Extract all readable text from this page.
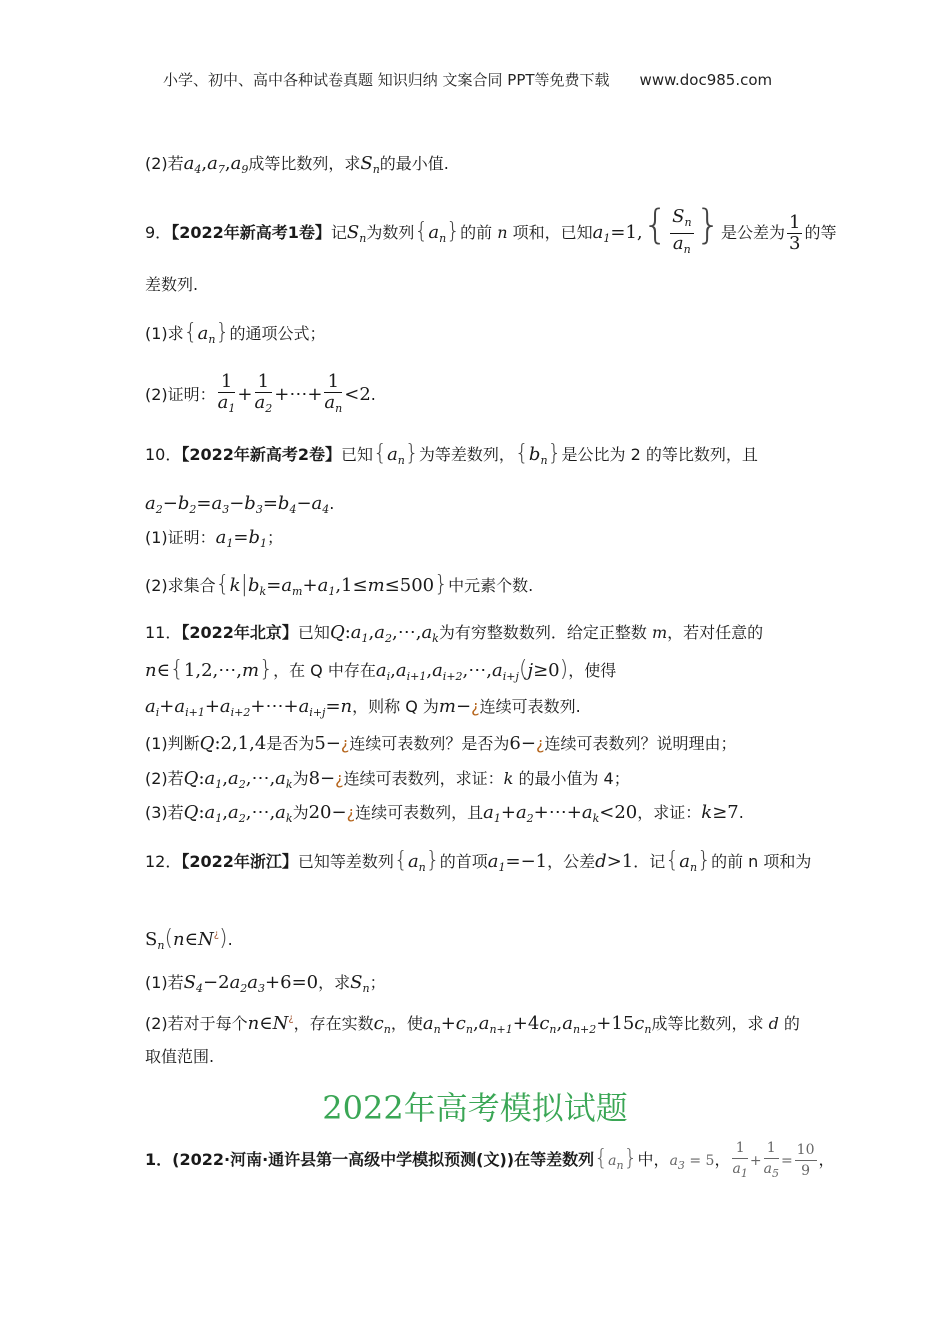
小学、初中、高中各种试卷真题 知识归纳 文案合同 PPT等免费下载　　www.doc985.com
(2)若$a_4,a_7,a_9$成等比数列，求$S_n$的最小值.
9．【2022年新高考1卷】记$S_n$为数列$\{a_n\}$的前 n 项和，已知$a_1=1,\{ \frac{S_n}{a_n}$ }是公差为 $\frac{1}{3}$ 的等
差数列.
(1)求$\{a_n\}$的通项公式；
(2)证明： $\frac{1}{a_1} + \frac{1}{a_2}$ +⋯+ $\frac{1}{a_n} <2$.
10．【2022年新高考2卷】已知$\{a_n\}$为等差数列，$\{b_n\}$是公比为 2 的等比数列，且
$a_2-b_2=a_3-b_3=b_4-a_4$.
(1)证明：$a_1=b_1$；
(2)求集合$\{k|b_k=a_m+a_1,1\le m\le 500\}$中元素个数.
11．【2022年北京】已知$Q:a_1,a_2,\cdots,a_k$为有穷整数数列．给定正整数 m，若对任意的
n∈{1,2,⋯,m}，在 Q 中存在$a_i,a_{i+1},a_{i+2},\cdots,a_{i+j}(j\ge 0)$，使得
$a_i+a_{i+1}+a_{i+2}+\cdots+a_{i+j}=n$，则称 Q 为m−¿连续可表数列.
(1)判断Q:2,1,4是否为5−¿连续可表数列？是否为6−¿连续可表数列？说明理由；
(2)若$Q:a_1,a_2,\cdots,a_k$为8−¿连续可表数列，求证：k 的最小值为 4；
(3)若$Q:a_1,a_2,\cdots,a_k$为20−¿连续可表数列，且$a_1+a_2+\cdots+a_k<20$，求证：k≥7.
12．【2022年浙江】已知等差数列$\{a_n\}$的首项$a_1=-1$，公差d>1．记$\{a_n\}$的前 n 项和为
$S_n(n\in N^¿)$.
(1)若$S_4-2a_2a_3+6=0$，求$S_n$；
(2)若对于每个n∈N¿，存在实数$c_n$，使$a_n+c_n,a_{n+1}+4c_n,a_{n+2}+15c_n$成等比数列，求 d 的
取值范围.
2022年高考模拟试题
1．(2022·河南·通许县第一高级中学模拟预测(文))在等差数列$\{a_n\}$中，$a_3 = 5$， $\frac{1}{a_1} + \frac{1}{a_5} = \frac{10}{9}$ ，
